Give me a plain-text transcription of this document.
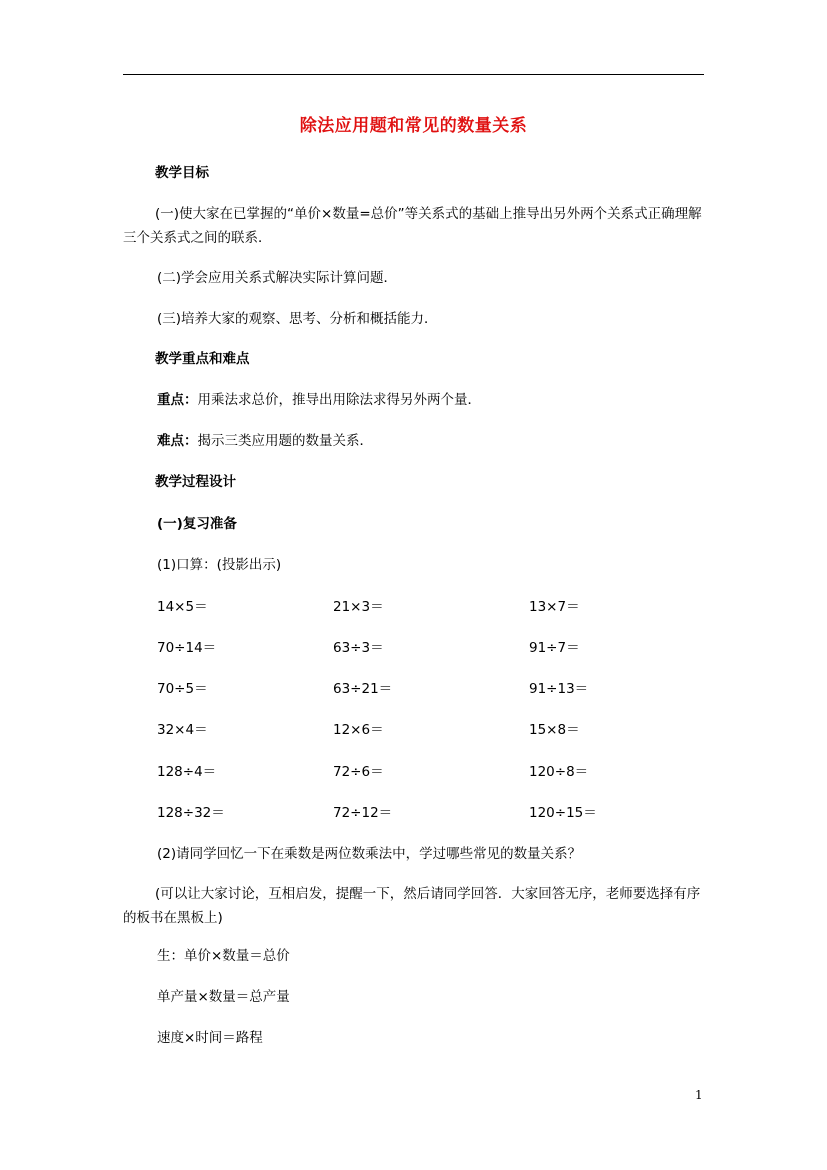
除法应用题和常见的数量关系
教学目标
(一)使大家在已掌握的“单价×数量=总价”等关系式的基础上推导出另外两个关系式正确理解三个关系式之间的联系．
(二)学会应用关系式解决实际计算问题．
(三)培养大家的观察、思考、分析和概括能力．
教学重点和难点
重点：用乘法求总价，推导出用除法求得另外两个量．
难点：揭示三类应用题的数量关系．
教学过程设计
(一)复习准备
(1)口算：(投影出示)
14×5＝	21×3＝	13×7＝
70÷14＝	63÷3＝	91÷7＝
70÷5＝	63÷21＝	91÷13＝
32×4＝	12×6＝	15×8＝
128÷4＝	72÷6＝	120÷8＝
128÷32＝	72÷12＝	120÷15＝
(2)请同学回忆一下在乘数是两位数乘法中，学过哪些常见的数量关系？
(可以让大家讨论，互相启发，提醒一下，然后请同学回答．大家回答无序，老师要选择有序的板书在黑板上)
生：单价×数量＝总价
单产量×数量＝总产量
速度×时间＝路程
1
